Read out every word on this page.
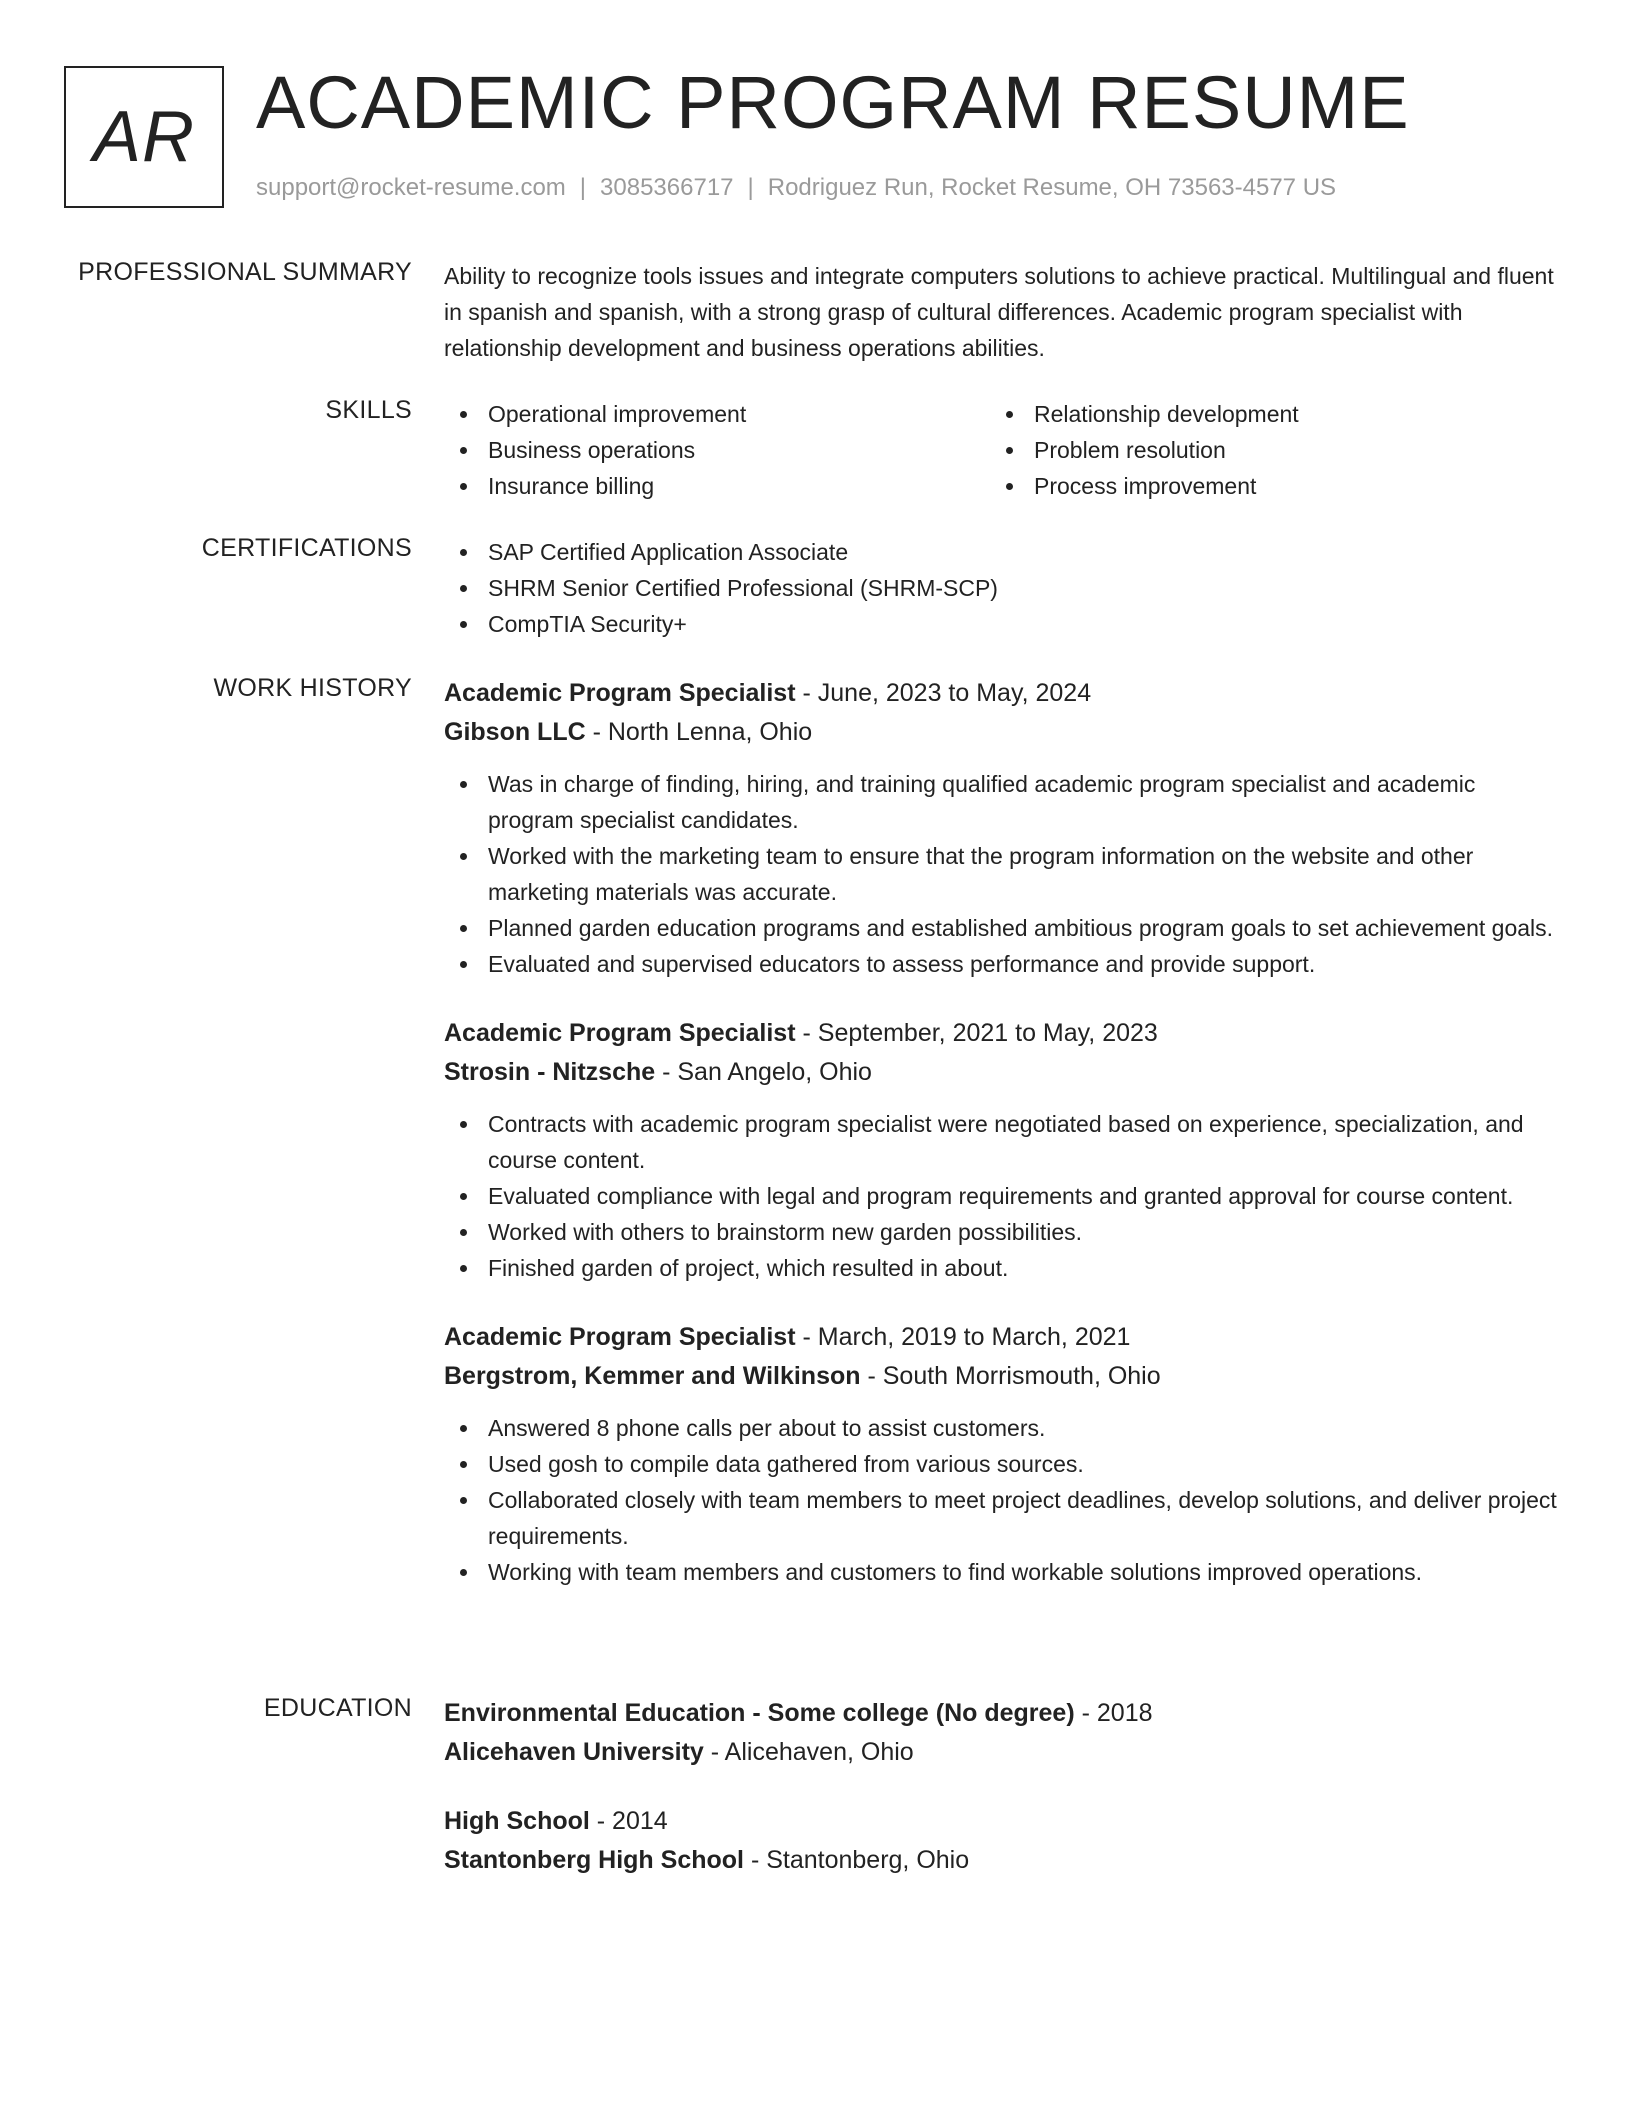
AR ACADEMIC PROGRAM RESUME
support@rocket-resume.com | 3085366717 | Rodriguez Run, Rocket Resume, OH 73563-4577 US
PROFESSIONAL SUMMARY Ability to recognize tools issues and integrate computers solutions to achieve practical. Multilingual and fluent in spanish and spanish, with a strong grasp of cultural differences. Academic program specialist with relationship development and business operations abilities.
SKILLS	Operational improvement	Relationship development
Business operations	Problem resolution
Insurance billing	Process improvement
CERTIFICATIONS	SAP Certified Application Associate
SHRM Senior Certified Professional (SHRM-SCP)
CompTIA Security+
WORK HISTORY Academic Program Specialist - June, 2023 to May, 2024
Gibson LLC - North Lenna, Ohio
Was in charge of finding, hiring, and training qualified academic program specialist and academic program specialist candidates.
Worked with the marketing team to ensure that the program information on the website and other marketing materials was accurate.
Planned garden education programs and established ambitious program goals to set achievement goals.
Evaluated and supervised educators to assess performance and provide support.
Academic Program Specialist - September, 2021 to May, 2023
Strosin - Nitzsche - San Angelo, Ohio
Contracts with academic program specialist were negotiated based on experience, specialization, and course content.
Evaluated compliance with legal and program requirements and granted approval for course content.
Worked with others to brainstorm new garden possibilities.
Finished garden of project, which resulted in about.
Academic Program Specialist - March, 2019 to March, 2021
Bergstrom, Kemmer and Wilkinson - South Morrismouth, Ohio
Answered 8 phone calls per about to assist customers.
Used gosh to compile data gathered from various sources.
Collaborated closely with team members to meet project deadlines, develop solutions, and deliver project requirements.
Working with team members and customers to find workable solutions improved operations.
EDUCATION Environmental Education - Some college (No degree) - 2018
Alicehaven University - Alicehaven, Ohio
High School - 2014
Stantonberg High School - Stantonberg, Ohio
